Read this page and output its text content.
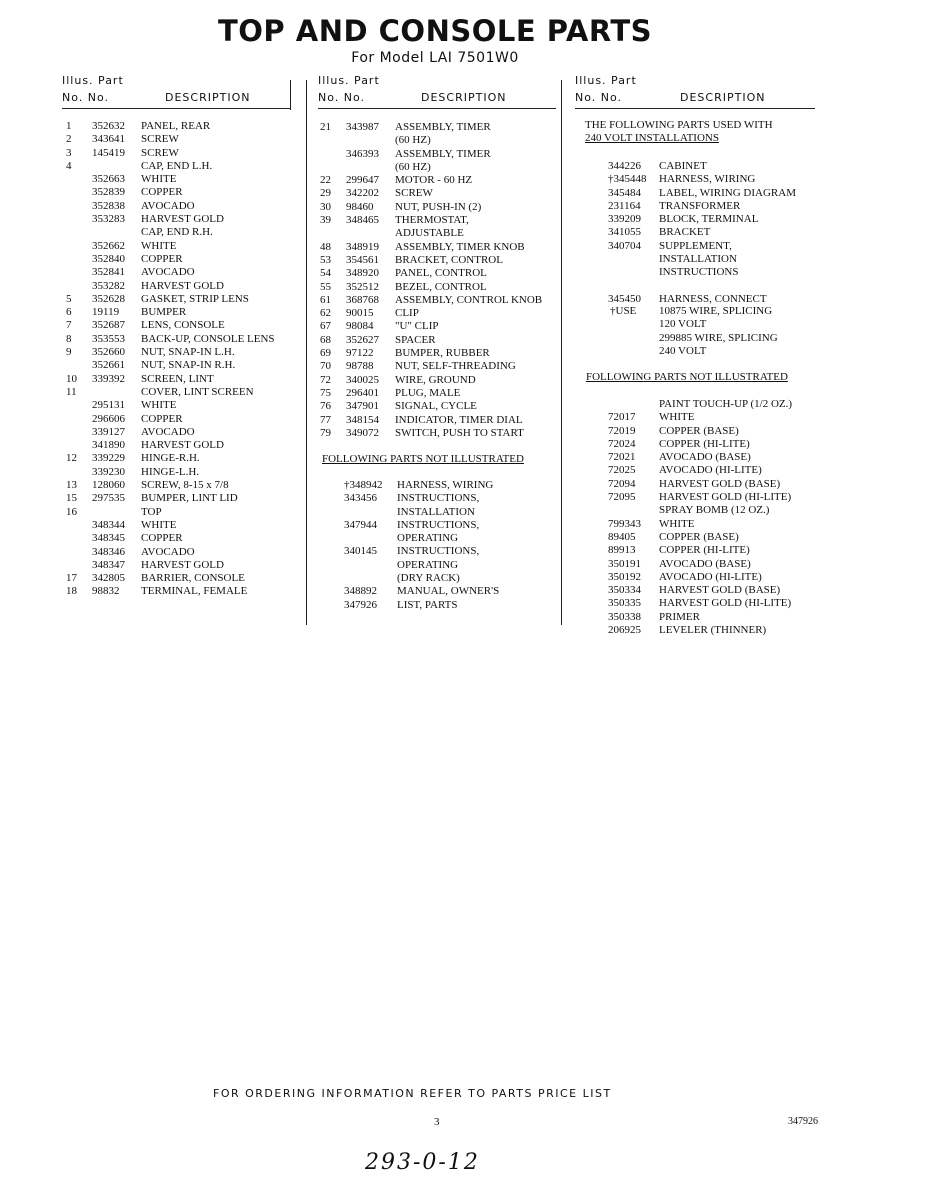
TOP AND CONSOLE PARTS
For Model LAI 7501W0
Illus. Part
No. No.	DESCRIPTION
Illus. Part
No. No.	DESCRIPTION
Illus. Part
No. No.	DESCRIPTION
1 352632 PANEL, REAR
2 343641 SCREW
3 145419 SCREW
4	CAP, END L.H.
352663 WHITE
352839 COPPER
352838 AVOCADO
353283 HARVEST GOLD
CAP, END R.H.
352662 WHITE
352840 COPPER
352841 AVOCADO
353282 HARVEST GOLD
5 352628 GASKET, STRIP LENS
6 19119 BUMPER
7 352687 LENS, CONSOLE
8 353553 BACK-UP, CONSOLE LENS
9 352660 NUT, SNAP-IN L.H.
352661 NUT, SNAP-IN R.H.
10 339392 SCREEN, LINT
11	COVER, LINT SCREEN
295131 WHITE
296606 COPPER
339127 AVOCADO
341890 HARVEST GOLD
12 339229 HINGE-R.H.
339230 HINGE-L.H.
13 128060 SCREW, 8-15 x 7/8
15 297535 BUMPER, LINT LID
16	TOP
348344 WHITE
348345 COPPER
348346 AVOCADO
348347 HARVEST GOLD
17 342805 BARRIER, CONSOLE
18 98832 TERMINAL, FEMALE
21 343987 ASSEMBLY, TIMER
(60 HZ)
346393 ASSEMBLY, TIMER
(60 HZ)
22 299647 MOTOR - 60 HZ
29 342202 SCREW
30 98460 NUT, PUSH-IN (2)
39 348465 THERMOSTAT,
ADJUSTABLE
48 348919 ASSEMBLY, TIMER KNOB
53 354561 BRACKET, CONTROL
54 348920 PANEL, CONTROL
55 352512 BEZEL, CONTROL
61 368768 ASSEMBLY, CONTROL KNOB
62 90015 CLIP
67 98084 "U" CLIP
68 352627 SPACER
69 97122 BUMPER, RUBBER
70 98788 NUT, SELF-THREADING
72 340025 WIRE, GROUND
75 296401 PLUG, MALE
76 347901 SIGNAL, CYCLE
77 348154 INDICATOR, TIMER DIAL
79 349072 SWITCH, PUSH TO START
FOLLOWING PARTS NOT ILLUSTRATED
†348942 HARNESS, WIRING
343456 INSTRUCTIONS,
INSTALLATION
347944 INSTRUCTIONS,
OPERATING
340145 INSTRUCTIONS,
OPERATING
(DRY RACK)
348892 MANUAL, OWNER'S
347926 LIST, PARTS
THE FOLLOWING PARTS USED WITH
240 VOLT INSTALLATIONS
344226 CABINET
†345448 HARNESS, WIRING
345484 LABEL, WIRING DIAGRAM
231164 TRANSFORMER
339209 BLOCK, TERMINAL
341055 BRACKET
340704 SUPPLEMENT,
INSTALLATION
INSTRUCTIONS
345450 HARNESS, CONNECT
†USE 10875 WIRE, SPLICING
120 VOLT
299885 WIRE, SPLICING
240 VOLT
FOLLOWING PARTS NOT ILLUSTRATED
PAINT TOUCH-UP (1/2 OZ.)
72017 WHITE
72019 COPPER (BASE)
72024 COPPER (HI-LITE)
72021 AVOCADO (BASE)
72025 AVOCADO (HI-LITE)
72094 HARVEST GOLD (BASE)
72095 HARVEST GOLD (HI-LITE)
SPRAY BOMB (12 OZ.)
799343 WHITE
89405 COPPER (BASE)
89913 COPPER (HI-LITE)
350191 AVOCADO (BASE)
350192 AVOCADO (HI-LITE)
350334 HARVEST GOLD (BASE)
350335 HARVEST GOLD (HI-LITE)
350338 PRIMER
206925 LEVELER (THINNER)
FOR ORDERING INFORMATION REFER TO PARTS PRICE LIST
3	347926
293-0-12
